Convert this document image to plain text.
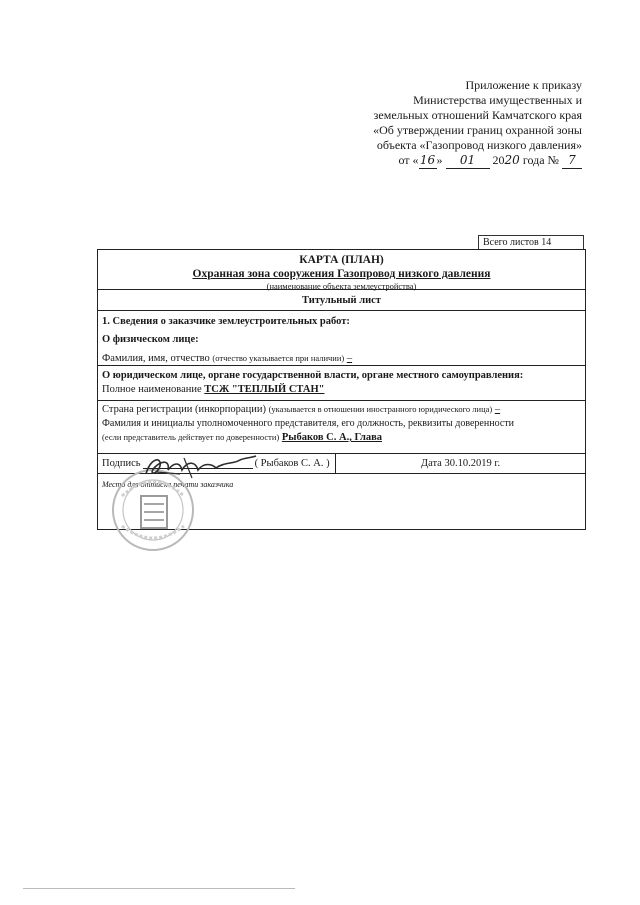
Приложение к приказу
Министерства имущественных и
земельных отношений Камчатского края
«Об утверждении границ охранной зоны
объекта «Газопровод низкого давления»
от «16» 01 2020 года № 7
Всего листов 14
КАРТА (ПЛАН)
Охранная зона сооружения Газопровод низкого давления
(наименование объекта землеустройства)
Титульный лист
1. Сведения о заказчике землеустроительных работ:
О физическом лице:
Фамилия, имя, отчество (отчество указывается при наличии) –
О юридическом лице, органе государственной власти, органе местного самоуправления:
Полное наименование ТСЖ "ТЕПЛЫЙ СТАН"
Страна регистрации (инкорпорации) (указывается в отношении иностранного юридического лица) –
Фамилия и инициалы уполномоченного представителя, его должность, реквизиты доверенности
(если представитель действует по доверенности) Рыбаков С. А., Глава
Подпись	( Рыбаков С. А. )	Дата 30.10.2019 г.
Место для оттиска печати заказчика
